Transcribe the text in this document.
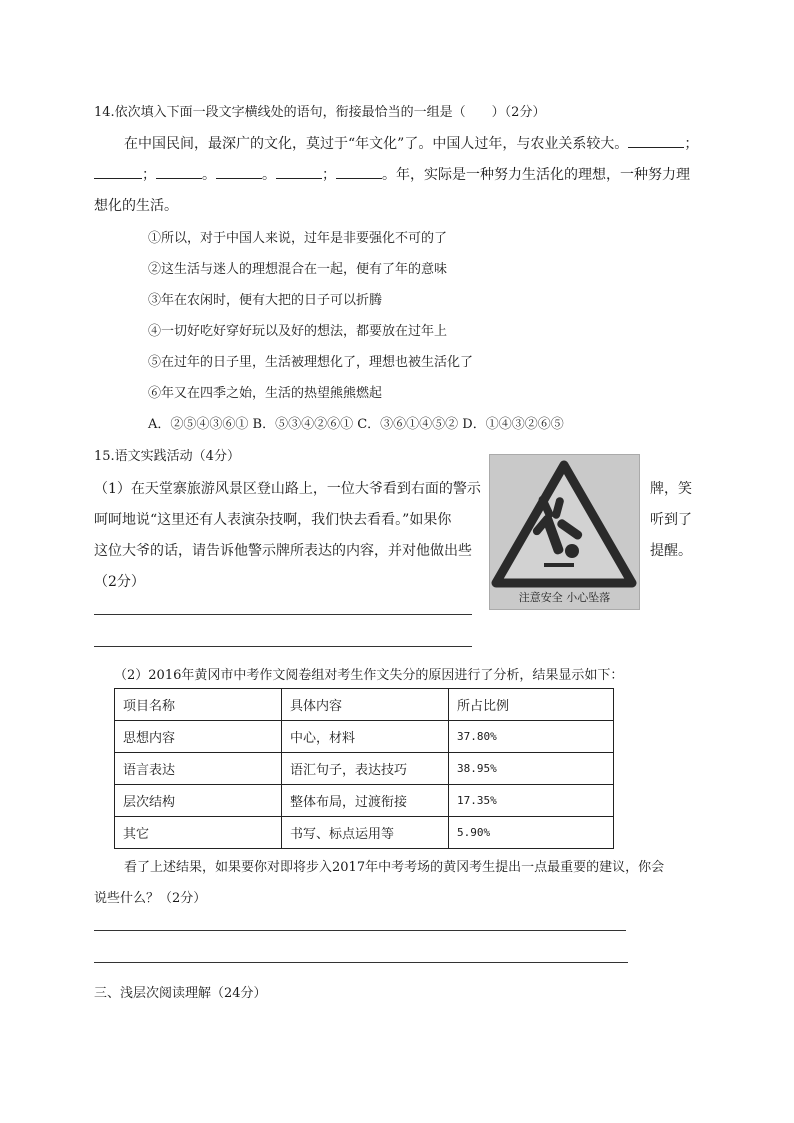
14.依次填入下面一段文字横线处的语句，衔接最恰当的一组是（　　）（2分）
在中国民间，最深广的文化，莫过于“年文化”了。中国人过年，与农业关系较大。	；
；	。	。	；	。年，实际是一种努力生活化的理想，一种努力理
想化的生活。
①所以，对于中国人来说，过年是非要强化不可的了
②这生活与迷人的理想混合在一起，便有了年的意味
③年在农闲时，便有大把的日子可以折腾
④一切好吃好穿好玩以及好的想法，都要放在过年上
⑤在过年的日子里，生活被理想化了，理想也被生活化了
⑥年又在四季之始，生活的热望熊熊燃起
A．②⑤④③⑥① B．⑤③④②⑥① C．③⑥①④⑤② D．①④③②⑥⑤
15.语文实践活动（4分）
（1）在天堂寨旅游风景区登山路上，一位大爷看到右面的警示	牌，笑
呵呵地说“这里还有人表演杂技啊，我们快去看看。”如果你	听到了
这位大爷的话，请告诉他警示牌所表达的内容，并对他做出些	提醒。
（2分）
注意安全 小心坠落
（2）2016年黄冈市中考作文阅卷组对考生作文失分的原因进行了分析，结果显示如下：
项目名称	具体内容	所占比例
思想内容	中心，材料	37.80%
语言表达	语汇句子，表达技巧	38.95%
层次结构	整体布局，过渡衔接	17.35%
其它	书写、标点运用等	5.90%
看了上述结果，如果要你对即将步入2017年中考考场的黄冈考生提出一点最重要的建议，你会
说些什么？（2分）
三、浅层次阅读理解（24分）
